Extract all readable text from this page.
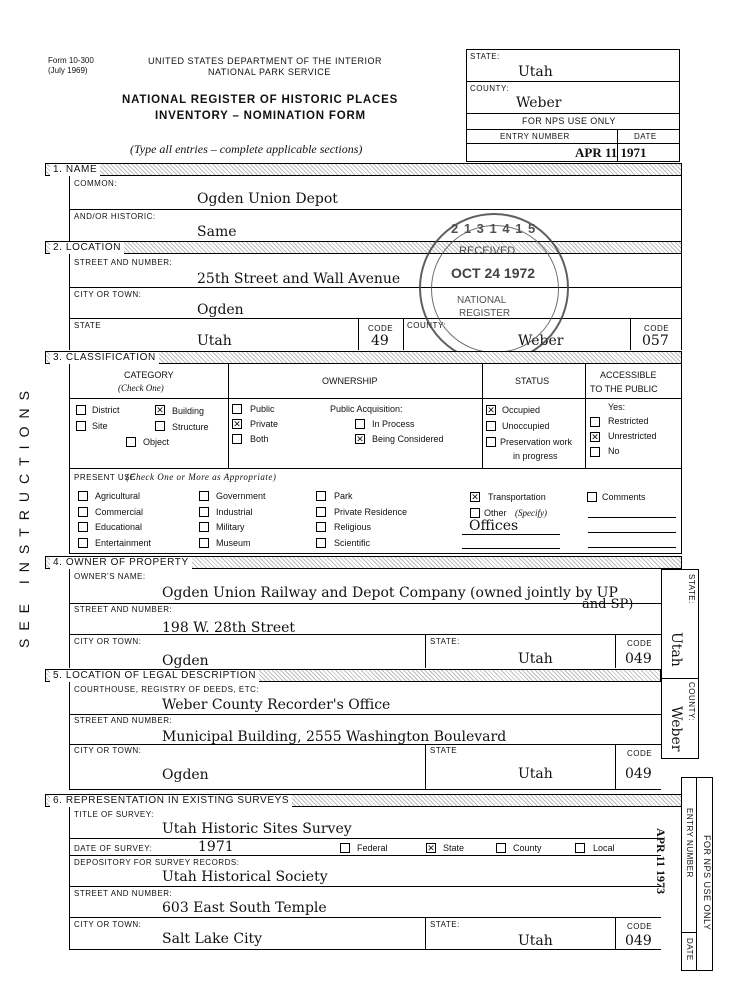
Form 10-300
(July 1969)
UNITED STATES DEPARTMENT OF THE INTERIOR
NATIONAL PARK SERVICE
NATIONAL REGISTER OF HISTORIC PLACES
INVENTORY – NOMINATION FORM
(Type all entries – complete applicable sections)
STATE:
Utah
COUNTY:
Weber
FOR NPS USE ONLY
ENTRY NUMBER	DATE
APR 11 1971
1. NAME
COMMON:
Ogden Union Depot
AND/OR HISTORIC:
Same
2. LOCATION
STREET AND NUMBER:
25th Street and Wall Avenue
CITY OR TOWN:
Ogden
STATE
Utah
CODE
49
COUNTY:
Weber
CODE
057
2 1 3 1 4 1 5
RECEIVED
OCT 24 1972
NATIONAL
REGISTER
3. CLASSIFICATION
CATEGORY
(Check One)
OWNERSHIP	STATUS
ACCESSIBLE
TO THE PUBLIC
District	✕ Building
Site	Structure
Object
Public
✕ Private
Both
Public Acquisition:
In Process
✕ Being Considered
✕ Occupied
Unoccupied
Preservation work
in progress
Yes:
Restricted
✕ Unrestricted
No
PRESENT USE
(Check One or More as Appropriate)
Agricultural
Commercial
Educational
Entertainment
Government
Industrial
Military
Museum
Park
Private Residence
Religious
Scientific
✕ Transportation
Other (Specify)
Offices
Comments
4. OWNER OF PROPERTY
OWNER'S NAME:
Ogden Union Railway and Depot Company (owned jointly by UP
and SP)
STREET AND NUMBER:
198 W. 28th Street
CITY OR TOWN:
Ogden
STATE:
Utah
CODE
049
5. LOCATION OF LEGAL DESCRIPTION
COURTHOUSE, REGISTRY OF DEEDS, ETC:
Weber County Recorder's Office
STREET AND NUMBER:
Municipal Building, 2555 Washington Boulevard
CITY OR TOWN:
Ogden
STATE
Utah
CODE
049
6. REPRESENTATION IN EXISTING SURVEYS
TITLE OF SURVEY:
Utah Historic Sites Survey
DATE OF SURVEY:	1971	Federal	✕ State	County	Local
DEPOSITORY FOR SURVEY RECORDS:
Utah Historical Society
STREET AND NUMBER:
603 East South Temple
CITY OR TOWN:
Salt Lake City
STATE:
Utah
CODE
049
STATE:
Utah
COUNTY:
Weber
FOR NPS USE ONLY
ENTRY NUMBER
DATE
APR 11 1973
SEE INSTRUCTIONS
